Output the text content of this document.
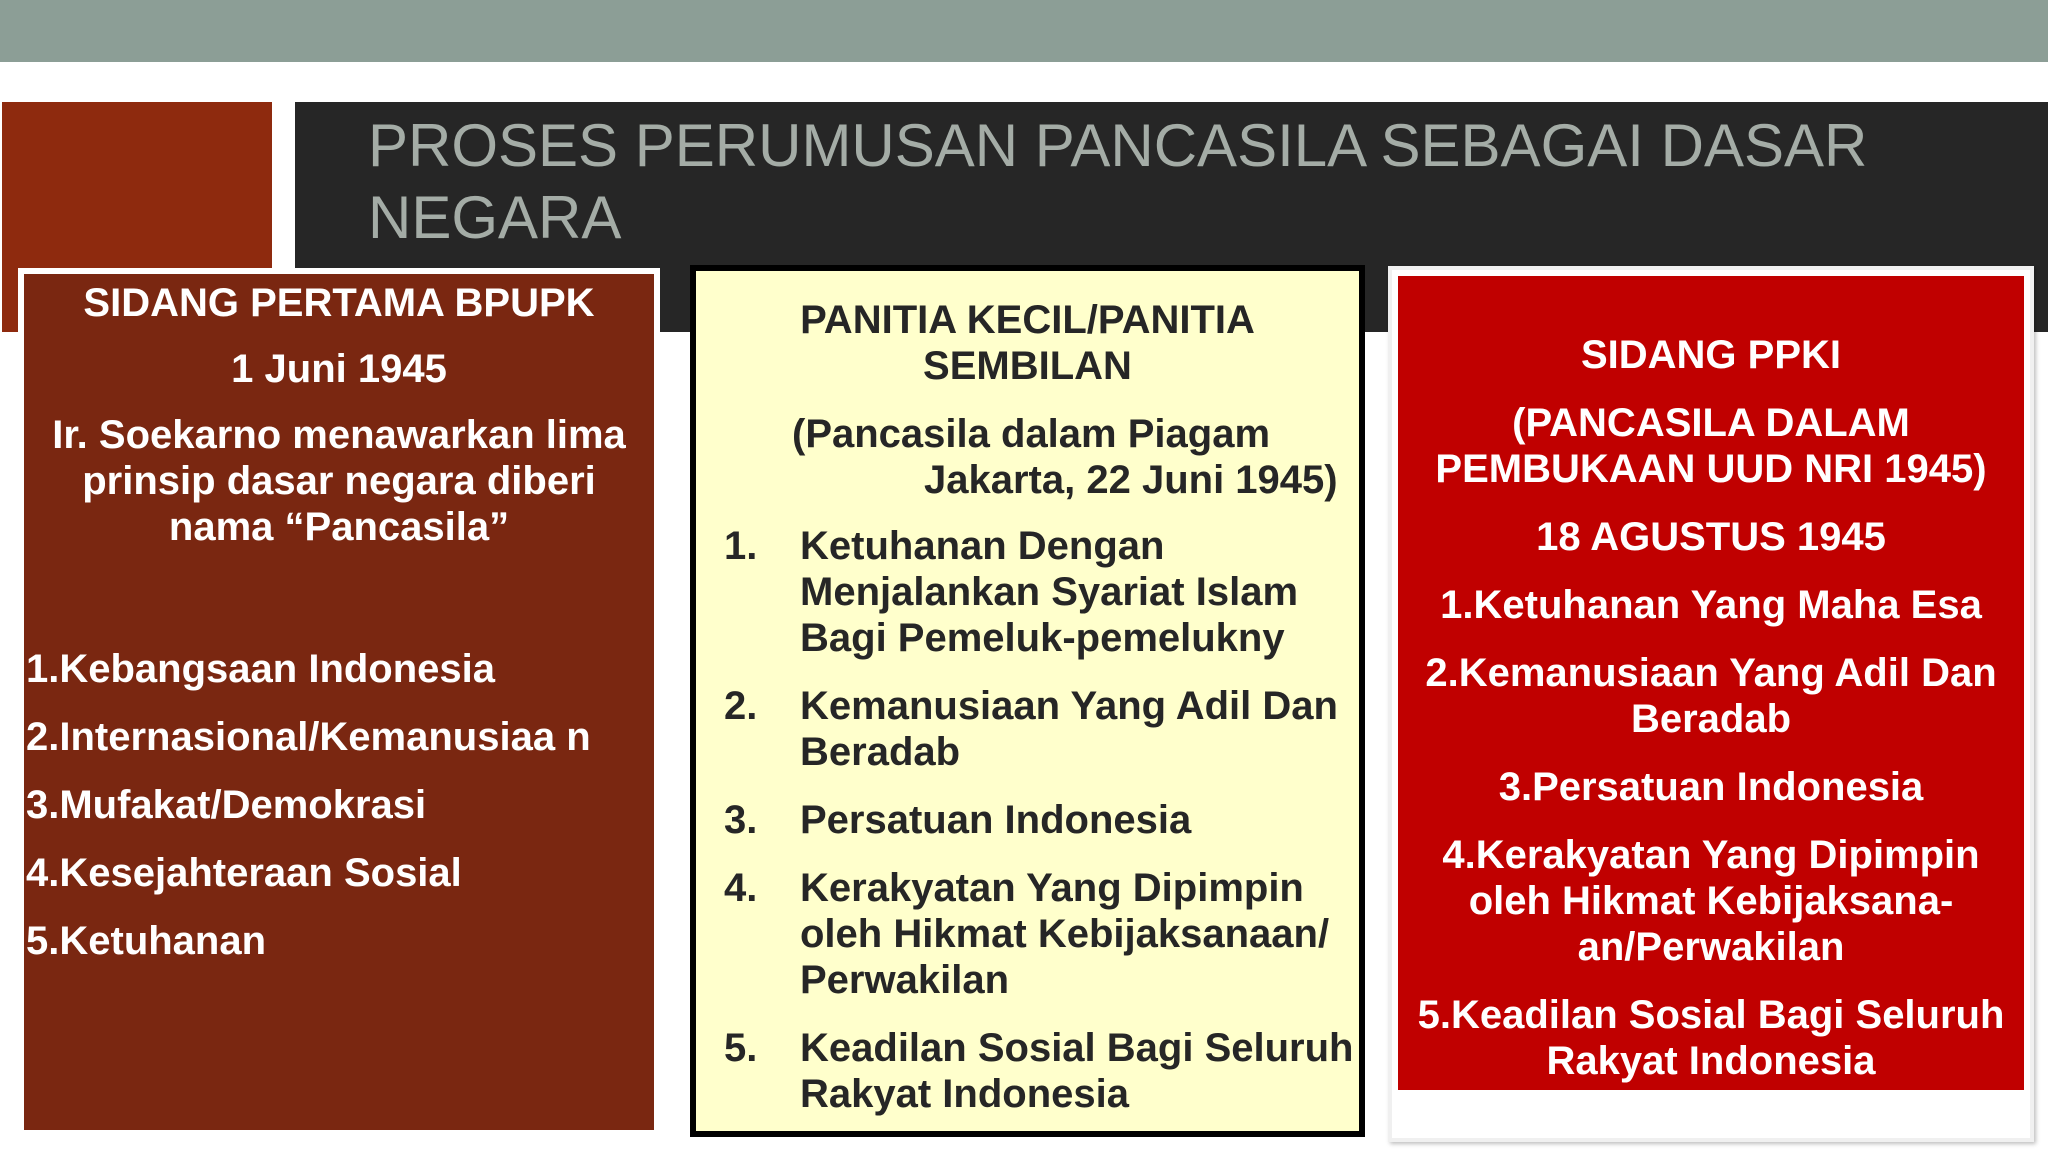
PROSES PERUMUSAN PANCASILA SEBAGAI DASAR NEGARA
SIDANG PERTAMA BPUPK
1 Juni 1945
Ir. Soekarno menawarkan lima prinsip dasar negara diberi nama “Pancasila”
1.Kebangsaan Indonesia
2.Internasional/Kemanusiaa n
3.Mufakat/Demokrasi
4.Kesejahteraan Sosial
5.Ketuhanan
PANITIA KECIL/PANITIA SEMBILAN
(Pancasila dalam Piagam
Jakarta, 22 Juni 1945)
1.	Ketuhanan Dengan Menjalankan Syariat Islam Bagi Pemeluk-pemelukny
2.	Kemanusiaan Yang Adil Dan Beradab
3.	Persatuan Indonesia
4.	Kerakyatan Yang Dipimpin oleh Hikmat Kebijaksanaan/ Perwakilan
5.	Keadilan Sosial Bagi Seluruh Rakyat Indonesia
SIDANG PPKI
(PANCASILA DALAM PEMBUKAAN UUD NRI 1945)
18 AGUSTUS 1945
1.Ketuhanan Yang Maha Esa
2.Kemanusiaan Yang Adil Dan Beradab
3.Persatuan Indonesia
4.Kerakyatan Yang Dipimpin oleh Hikmat Kebijaksana-an/Perwakilan
5.Keadilan Sosial Bagi Seluruh Rakyat Indonesia
